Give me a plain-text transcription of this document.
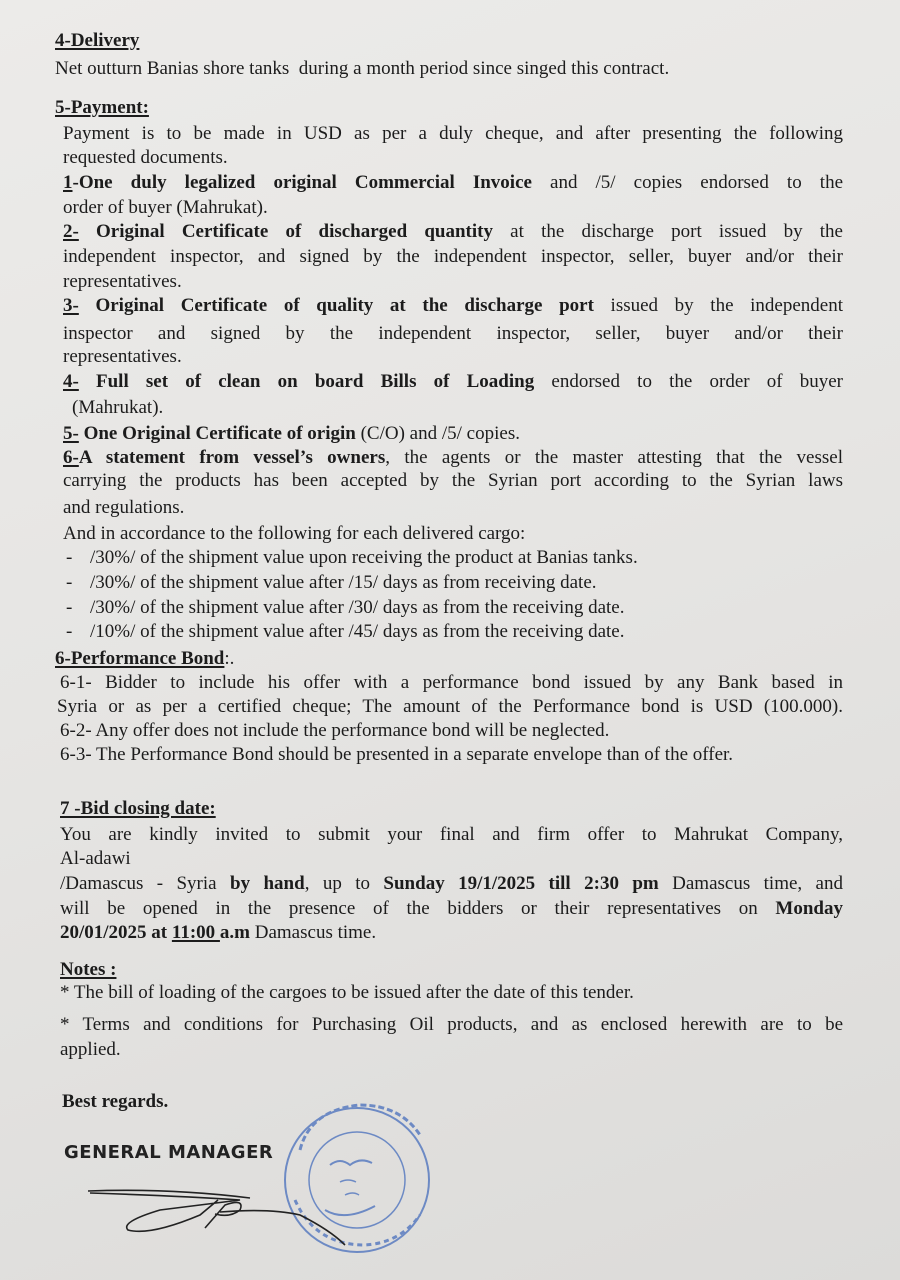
4-Delivery
Net outturn Banias shore tanks  during a month period since singed this contract.
5-Payment:
Payment is to be made in USD as per a duly cheque, and after presenting the following
requested documents.
1-One duly legalized original Commercial Invoice and /5/ copies endorsed to the
order of buyer (Mahrukat).
2- Original Certificate of discharged quantity at the discharge port issued by the
independent inspector, and signed by the independent inspector, seller, buyer and/or their
representatives.
3- Original Certificate of quality at the discharge port issued by the independent
inspector and signed by the independent inspector, seller, buyer and/or their
representatives.
4- Full set of clean on board Bills of Loading endorsed to the order of buyer
(Mahrukat).
5- One Original Certificate of origin (C/O) and /5/ copies.
6-A statement from vessel’s owners, the agents or the master attesting that the vessel
carrying the products has been accepted by the Syrian port according to the Syrian laws
and regulations.
And in accordance to the following for each delivered cargo:
/30%/ of the shipment value upon receiving the product at Banias tanks.
-
/30%/ of the shipment value after /15/ days as from receiving date.
-
/30%/ of the shipment value after /30/ days as from the receiving date.
-
/10%/ of the shipment value after /45/ days as from the receiving date.
-
6-Performance Bond:.
6-1- Bidder to include his offer with a performance bond issued by any Bank based in
Syria or as per a certified cheque; The amount of the Performance bond is USD (100.000).
6-2- Any offer does not include the performance bond will be neglected.
6-3- The Performance Bond should be presented in a separate envelope than of the offer.
7 -Bid closing date:
You are kindly invited to submit your final and firm offer to Mahrukat Company,
Al-adawi
/Damascus - Syria by hand, up to Sunday 19/1/2025 till 2:30 pm Damascus time, and
will be opened in the presence of the bidders or their representatives on Monday
20/01/2025 at 11:00 a.m Damascus time.
Notes :
* The bill of loading of the cargoes to be issued after the date of this tender.
* Terms and conditions for Purchasing Oil products, and as enclosed herewith are to be
applied.
Best regards.
GENERAL MANAGER
